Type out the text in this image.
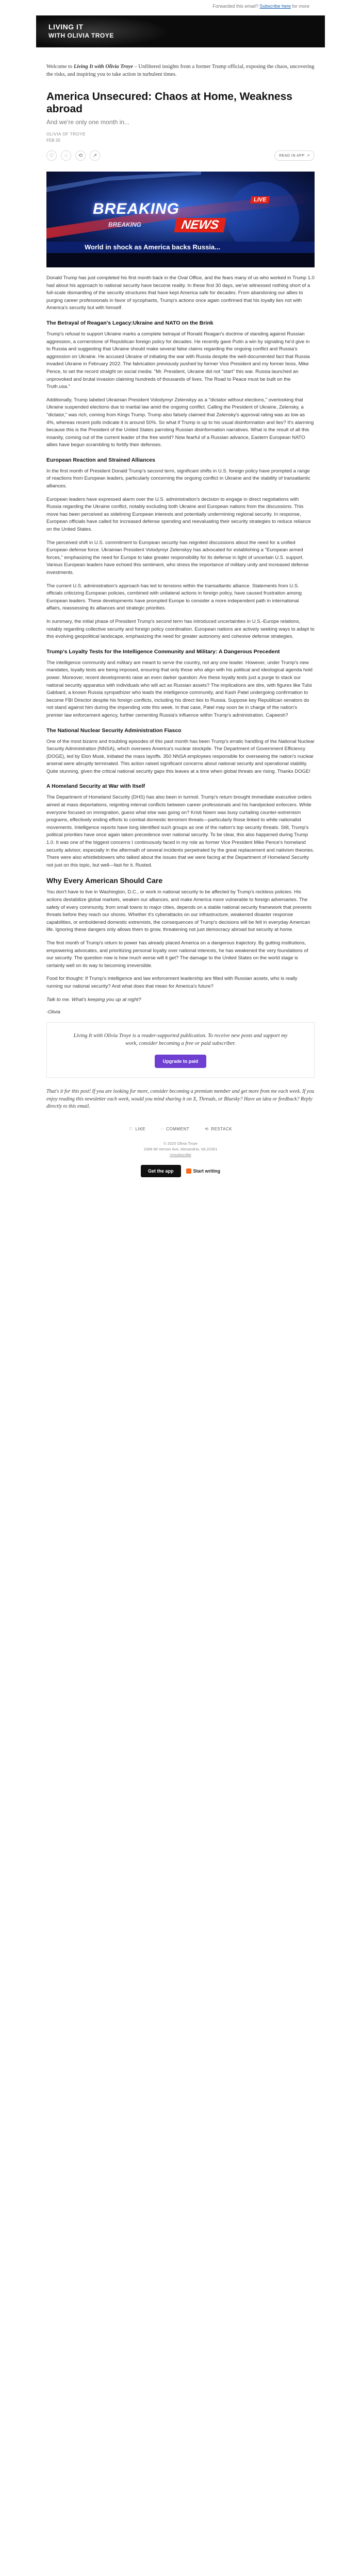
Forwarded this email? Subscribe here for more
LIVING IT
WITH OLIVIA TROYE
Welcome to Living It with Olivia Troye – Unfiltered insights from a former Trump official, exposing the chaos, uncovering the risks, and inspiring you to take action in turbulent times.
America Unsecured: Chaos at Home, Weakness abroad
And we're only one month in...
OLIVIA OF TROYE
FEB 20
♡	◌	⟲	↗	READ IN APP ↗
LIVE
BREAKING
BREAKING	NEWS
World in shock as America backs Russia...

Donald Trump has just completed his first month back in the Oval Office, and the fears many of us who worked in Trump 1.0 had about his approach to national security have become reality. In these first 30 days, we've witnessed nothing short of a full-scale dismantling of the security structures that have kept America safe for decades. From abandoning our allies to purging career professionals in favor of sycophants, Trump's actions once again confirmed that his loyalty lies not with America's security but with himself.

The Betrayal of Reagan's Legacy:Ukraine and NATO on the Brink

Trump's refusal to support Ukraine marks a complete betrayal of Ronald Reagan's doctrine of standing against Russian aggression, a cornerstone of Republican foreign policy for decades. He recently gave Putin a win by signaling he'd give in to Russia and suggesting that Ukraine should make several false claims regarding the ongoing conflict and Russia's aggression on Ukraine. He accused Ukraine of initiating the war with Russia despite the well-documented fact that Russia invaded Ukraine in February 2022. The fabrication previously pushed by former Vice President and my former boss, Mike Pence, to set the record straight on social media: "Mr. President, Ukraine did not "start" this war. Russia launched an unprovoked and brutal invasion claiming hundreds of thousands of lives. The Road to Peace must be built on the Truth.usa."

Additionally, Trump labeled Ukrainian President Volodymyr Zelenskyy as a "dictator without elections," overlooking that Ukraine suspended elections due to martial law amid the ongoing conflict. Calling the President of Ukraine, Zelensky, a "dictator," was rich, coming from Kings Trump. Trump also falsely claimed that Zelensky's approval rating was as low as 4%, whereas recent polls indicate it is around 50%. So what if Trump is up to his usual disinformation and lies? It's alarming because this is the President of the United States parroting Russian disinformation narratives. What is the result of all this insanity, coming out of the current leader of the free world? Now fearful of a Russian advance, Eastern European NATO allies have begun scrambling to fortify their defenses.

European Reaction and Strained Alliances

In the first month of President Donald Trump's second term, significant shifts in U.S. foreign policy have prompted a range of reactions from European leaders, particularly concerning the ongoing conflict in Ukraine and the stability of transatlantic alliances.

European leaders have expressed alarm over the U.S. administration's decision to engage in direct negotiations with Russia regarding the Ukraine conflict, notably excluding both Ukraine and European nations from the discussions. This move has been perceived as sidelining European interests and potentially undermining regional security. In response, European officials have called for increased defense spending and reevaluating their security strategies to reduce reliance on the United States.

The perceived shift in U.S. commitment to European security has reignited discussions about the need for a unified European defense force. Ukrainian President Volodymyr Zelenskyy has advocated for establishing a "European armed forces," emphasizing the need for Europe to take greater responsibility for its defense in light of uncertain U.S. support. Various European leaders have echoed this sentiment, who stress the importance of military unity and increased defense investments.

The current U.S. administration's approach has led to tensions within the transatlantic alliance. Statements from U.S. officials criticizing European policies, combined with unilateral actions in foreign policy, have caused frustration among European leaders. These developments have prompted Europe to consider a more independent path in international affairs, reassessing its alliances and strategic priorities.

In summary, the initial phase of President Trump's second term has introduced uncertainties in U.S.-Europe relations, notably regarding collective security and foreign policy coordination. European nations are actively seeking ways to adapt to this evolving geopolitical landscape, emphasizing the need for greater autonomy and cohesive defense strategies.

Trump's Loyalty Tests for the Intelligence Community and Military: A Dangerous Precedent

The intelligence community and military are meant to serve the country, not any one leader. However, under Trump's new mandates, loyalty tests are being imposed, ensuring that only those who align with his political and ideological agenda hold power. Moreover, recent developments raise an even darker question: Are these loyalty tests just a purge to stack our national security apparatus with individuals who will act as Russian assets? The implications are dire, with figures like Tulsi Gabbard, a known Russia sympathizer who leads the intelligence community, and Kash Patel undergoing confirmation to become FBI Director despite his foreign conflicts, including his direct ties to Russia. Suppose key Republican senators do not stand against him during the impending vote this week. In that case, Patel may soon be in charge of the nation's premier law enforcement agency, further cementing Russia's influence within Trump's administration. Capeesh?

The National Nuclear Security Administration Fiasco

One of the most bizarre and troubling episodes of this past month has been Trump's erratic handling of the National Nuclear Security Administration (NNSA), which oversees America's nuclear stockpile. The Department of Government Efficiency (DOGE), led by Elon Musk, initiated the mass layoffs. 350 NNSA employees responsible for overseeing the nation's nuclear arsenal were abruptly terminated. This action raised significant concerns about national security and operational stability. Quite stunning, given the critical national security gaps this leaves at a time when global threats are rising. Thanks DOGE!

A Homeland Security at War with Itself

The Department of Homeland Security (DHS) has also been in turmoil. Trump's return brought immediate executive orders aimed at mass deportations, reigniting internal conflicts between career professionals and his handpicked enforcers. While everyone focused on immigration, guess what else was going on? Kristi Noem was busy curtailing counter-extremism programs, effectively ending efforts to combat domestic terrorism threats—particularly those linked to white nationalist movements. Intelligence reports have long identified such groups as one of the nation's top security threats. Still, Trump's political priorities have once again taken precedence over national security. To be clear, this also happened during Trump 1.0. It was one of the biggest concerns I continuously faced in my role as former Vice President Mike Pence's homeland security advisor, especially in the aftermath of several incidents perpetrated by the great replacement and nativism theories. There were also whistleblowers who talked about the issues that we were facing at the Department of Homeland Security not just on this topic, but well—fast for it. Rusted.

Why Every American Should Care

You don't have to live in Washington, D.C., or work in national security to be affected by Trump's reckless policies. His actions destabilize global markets, weaken our alliances, and make America more vulnerable to foreign adversaries. The safety of every community, from small towns to major cities, depends on a stable national security framework that prevents threats before they reach our shores. Whether it's cyberattacks on our infrastructure, weakened disaster response capabilities, or emboldened domestic extremists, the consequences of Trump's decisions will be felt in everyday American life. Ignoring these dangers only allows them to grow, threatening not just democracy abroad but security at home.

The first month of Trump's return to power has already placed America on a dangerous trajectory. By gutting institutions, empowering advocates, and prioritizing personal loyalty over national interests, he has weakened the very foundations of our security. The question now is how much worse will it get? The damage to the United States on the world stage is certainly well on its way to becoming irreversible.

Food for thought: If Trump's intelligence and law enforcement leadership are filled with Russian assets, who is really running our national security? And what does that mean for America's future?

Talk to me. What's keeping you up at night?

-Olivia
Living It with Olivia Troye is a reader-supported publication. To receive new posts and support my work, consider becoming a free or paid subscriber.
Upgrade to paid

That's it for this post! If you are looking for more, consider becoming a premium member and get more from me each week. If you enjoy reading this newsletter each week, would you mind sharing it on X, Threads, or Bluesky? Have an idea or feedback? Reply directly to this email.

♡ LIKE	◌ COMMENT	⟲ RESTACK
© 2025 Olivia Troye
2308 Mt Vernon Ave, Alexandria, VA 22301
Unsubscribe
Get the app	Start writing
